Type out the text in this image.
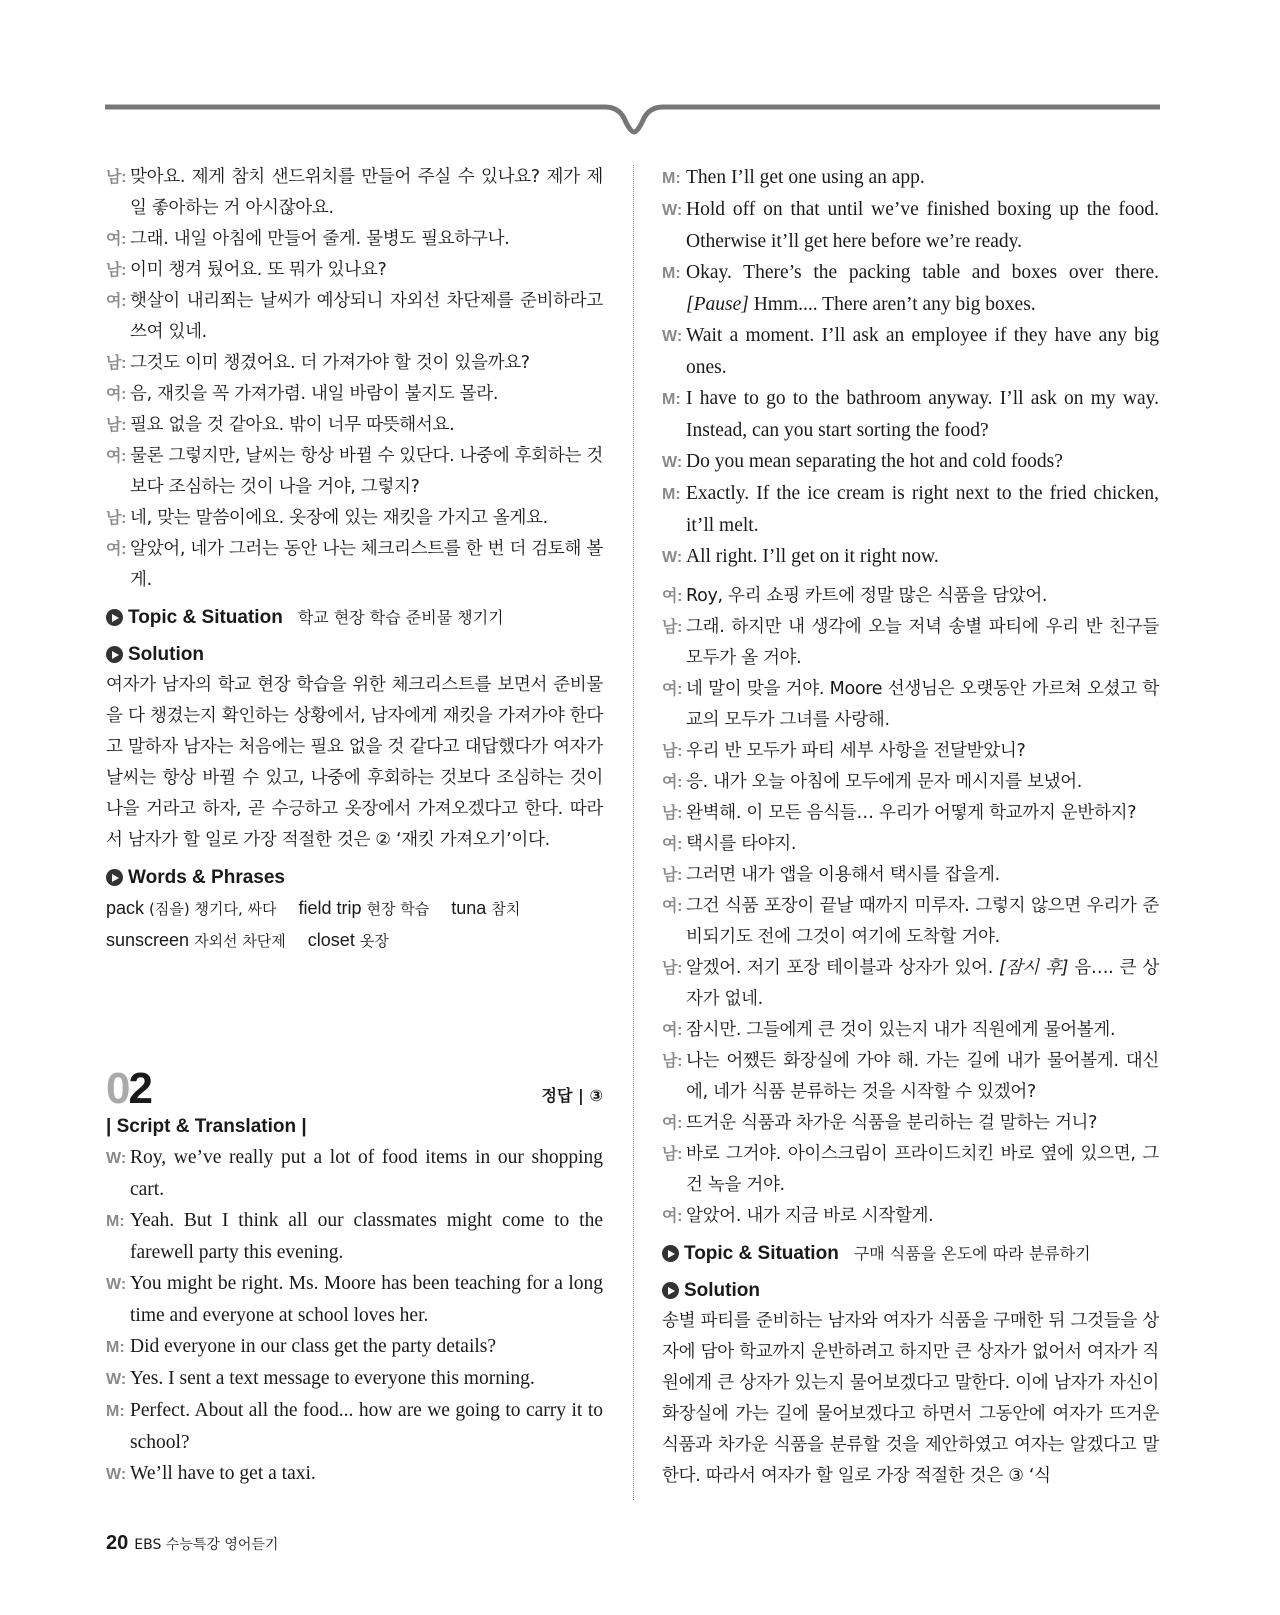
남: 맞아요. 제게 참치 샌드위치를 만들어 주실 수 있나요? 제가 제일 좋아하는 거 아시잖아요.
여: 그래. 내일 아침에 만들어 줄게. 물병도 필요하구나.
남: 이미 챙겨 뒀어요. 또 뭐가 있나요?
여: 햇살이 내리쬐는 날씨가 예상되니 자외선 차단제를 준비하라고 쓰여 있네.
남: 그것도 이미 챙겼어요. 더 가져가야 할 것이 있을까요?
여: 음, 재킷을 꼭 가져가렴. 내일 바람이 불지도 몰라.
남: 필요 없을 것 같아요. 밖이 너무 따뜻해서요.
여: 물론 그렇지만, 날씨는 항상 바뀔 수 있단다. 나중에 후회하는 것보다 조심하는 것이 나을 거야, 그렇지?
남: 네, 맞는 말씀이에요. 옷장에 있는 재킷을 가지고 올게요.
여: 알았어, 네가 그러는 동안 나는 체크리스트를 한 번 더 검토해 볼게.
Topic & Situation 학교 현장 학습 준비물 챙기기
Solution
여자가 남자의 학교 현장 학습을 위한 체크리스트를 보면서 준비물을 다 챙겼는지 확인하는 상황에서, 남자에게 재킷을 가져가야 한다고 말하자 남자는 처음에는 필요 없을 것 같다고 대답했다가 여자가 날씨는 항상 바뀔 수 있고, 나중에 후회하는 것보다 조심하는 것이 나을 거라고 하자, 곧 수긍하고 옷장에서 가져오겠다고 한다. 따라서 남자가 할 일로 가장 적절한 것은 ② ‘재킷 가져오기’이다.
Words & Phrases
pack (짐을) 챙기다, 싸다 field trip 현장 학습 tuna 참치
sunscreen 자외선 차단제 closet 옷장
02	정답 | ③
| Script & Translation |
W: Roy, we’ve really put a lot of food items in our shopping cart.
M: Yeah. But I think all our classmates might come to the farewell party this evening.
W: You might be right. Ms. Moore has been teaching for a long time and everyone at school loves her.
M: Did everyone in our class get the party details?
W: Yes. I sent a text message to everyone this morning.
M: Perfect. About all the food... how are we going to carry it to school?
W: We’ll have to get a taxi.
M: Then I’ll get one using an app.
W: Hold off on that until we’ve finished boxing up the food. Otherwise it’ll get here before we’re ready.
M: Okay. There’s the packing table and boxes over there.[Pause] Hmm.... There aren’t any big boxes.
W: Wait a moment. I’ll ask an employee if they have any big ones.
M: I have to go to the bathroom anyway. I’ll ask on my way. Instead, can you start sorting the food?
W: Do you mean separating the hot and cold foods?
M: Exactly. If the ice cream is right next to the fried chicken, it’ll melt.
W: All right. I’ll get on it right now.
여: Roy, 우리 쇼핑 카트에 정말 많은 식품을 담았어.
남: 그래. 하지만 내 생각에 오늘 저녁 송별 파티에 우리 반 친구들 모두가 올 거야.
여: 네 말이 맞을 거야. Moore 선생님은 오랫동안 가르쳐 오셨고 학교의 모두가 그녀를 사랑해.
남: 우리 반 모두가 파티 세부 사항을 전달받았니?
여: 응. 내가 오늘 아침에 모두에게 문자 메시지를 보냈어.
남: 완벽해. 이 모든 음식들… 우리가 어떻게 학교까지 운반하지?
여: 택시를 타야지.
남: 그러면 내가 앱을 이용해서 택시를 잡을게.
여: 그건 식품 포장이 끝날 때까지 미루자. 그렇지 않으면 우리가 준비되기도 전에 그것이 여기에 도착할 거야.
남: 알겠어. 저기 포장 테이블과 상자가 있어. [잠시 후] 음…. 큰 상자가 없네.
여: 잠시만. 그들에게 큰 것이 있는지 내가 직원에게 물어볼게.
남: 나는 어쨌든 화장실에 가야 해. 가는 길에 내가 물어볼게. 대신에, 네가 식품 분류하는 것을 시작할 수 있겠어?
여: 뜨거운 식품과 차가운 식품을 분리하는 걸 말하는 거니?
남: 바로 그거야. 아이스크림이 프라이드치킨 바로 옆에 있으면, 그건 녹을 거야.
여: 알았어. 내가 지금 바로 시작할게.
Topic & Situation 구매 식품을 온도에 따라 분류하기
Solution
송별 파티를 준비하는 남자와 여자가 식품을 구매한 뒤 그것들을 상자에 담아 학교까지 운반하려고 하지만 큰 상자가 없어서 여자가 직원에게 큰 상자가 있는지 물어보겠다고 말한다. 이에 남자가 자신이 화장실에 가는 길에 물어보겠다고 하면서 그동안에 여자가 뜨거운 식품과 차가운 식품을 분류할 것을 제안하였고 여자는 알겠다고 말한다. 따라서 여자가 할 일로 가장 적절한 것은 ③ ‘식
20 EBS 수능특강 영어듣기
